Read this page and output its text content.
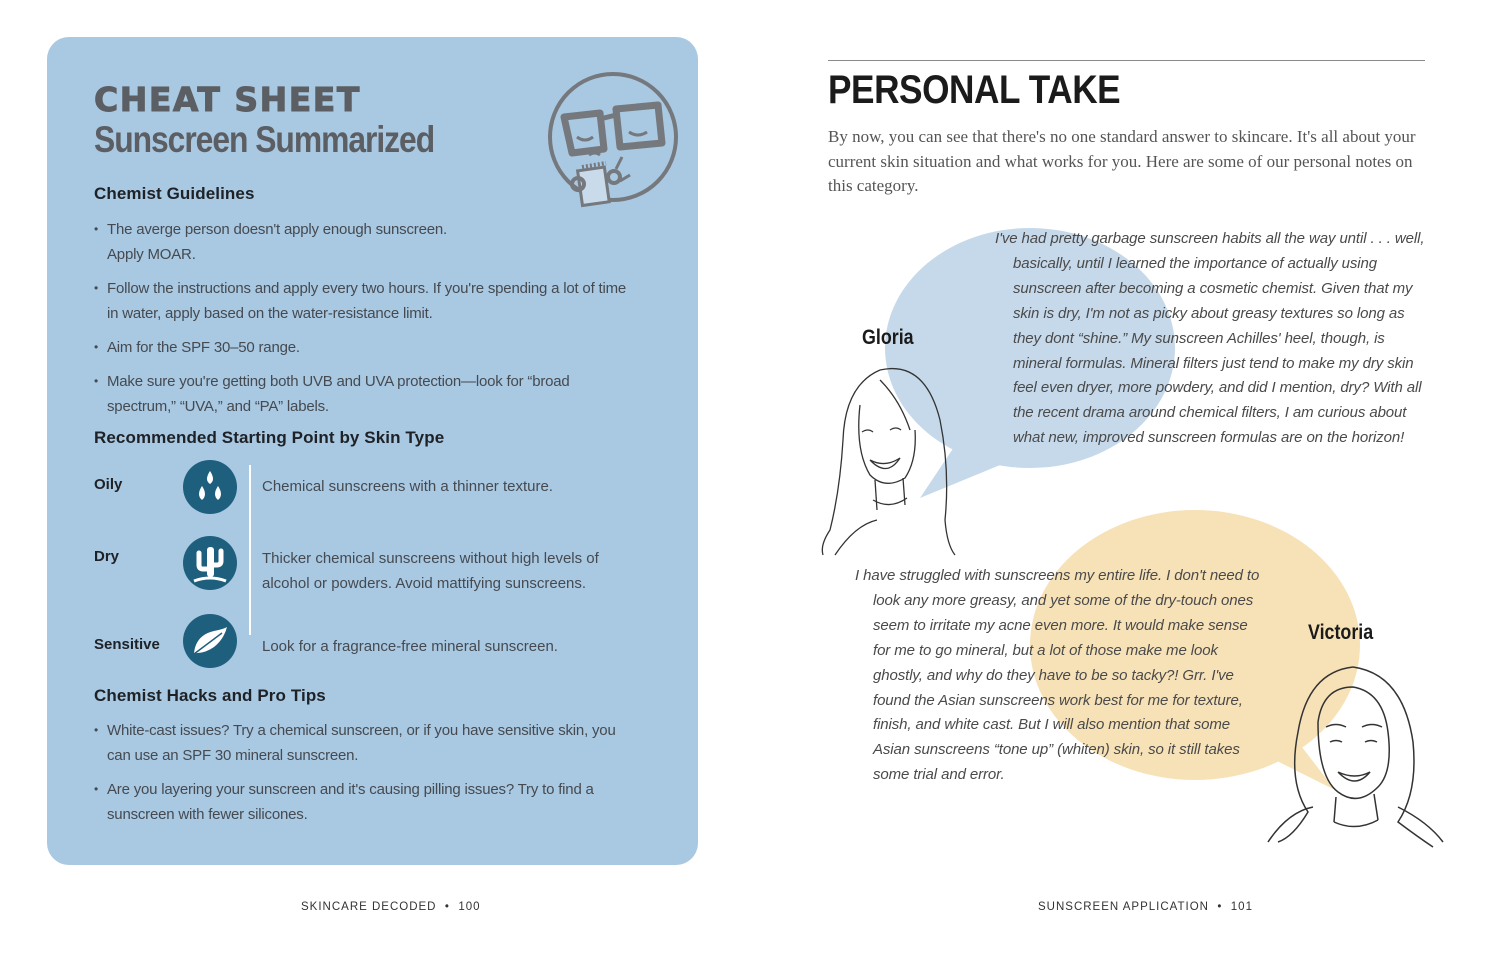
CHEAT SHEET
Sunscreen Summarized
Chemist Guidelines
• The averge person doesn't apply enough sunscreen. Apply MOAR.
• Follow the instructions and apply every two hours. If you're spending a lot of time in water, apply based on the water-resistance limit.
• Aim for the SPF 30–50 range.
• Make sure you're getting both UVB and UVA protection—look for “broad spectrum,” “UVA,” and “PA” labels.
Recommended Starting Point by Skin Type
Oily	Chemical sunscreens with a thinner texture.
Dry	Thicker chemical sunscreens without high levels of alcohol or powders. Avoid mattifying sunscreens.
Sensitive	Look for a fragrance-free mineral sunscreen.
Chemist Hacks and Pro Tips
• White-cast issues? Try a chemical sunscreen, or if you have sensitive skin, you can use an SPF 30 mineral sunscreen.
• Are you layering your sunscreen and it's causing pilling issues? Try to find a sunscreen with fewer silicones.
SKINCARE DECODED • 100
PERSONAL TAKE

By now, you can see that there's no one standard answer to skincare. It's all about your current skin situation and what works for you. Here are some of our personal notes on this category.

I've had pretty garbage sunscreen habits all the way until . . . well, basically, until I learned the importance of actually using sunscreen after becoming a cosmetic chemist. Given that my skin is dry, I'm not as picky about greasy textures so long as they dont “shine.” My sunscreen Achilles' heel, though, is mineral formulas. Mineral filters just tend to make my dry skin feel even dryer, more powdery, and did I mention, dry? With all the recent drama around chemical filters, I am curious about what new, improved sunscreen formulas are on the horizon!

I have struggled with sunscreens my entire life. I don't need to look any more greasy, and yet some of the dry-touch ones seem to irritate my acne even more. It would make sense for me to go mineral, but a lot of those make me look ghostly, and why do they have to be so tacky?! Grr. I've found the Asian sunscreens work best for me for texture, finish, and white cast. But I will also mention that some Asian sunscreens “tone up” (whiten) skin, so it still takes some trial and error.

Gloria
Victoria
SUNSCREEN APPLICATION • 101
